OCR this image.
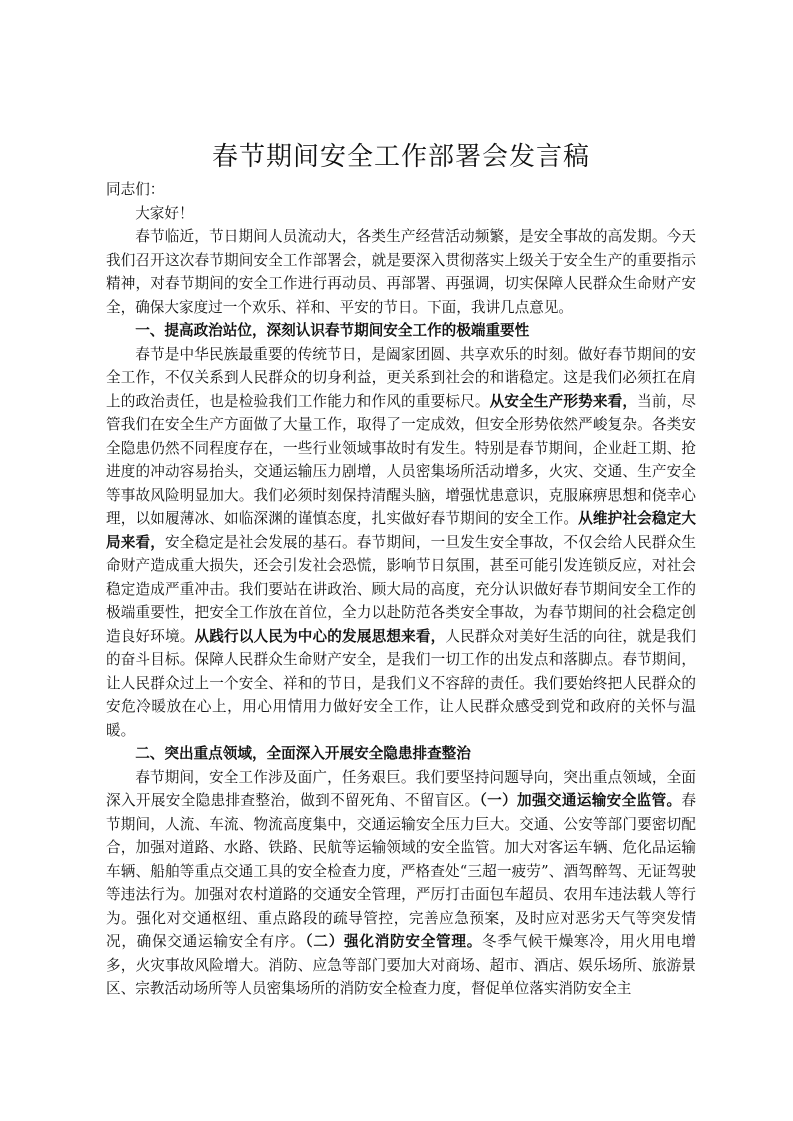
春节期间安全工作部署会发言稿

同志们：

大家好！

春节临近，节日期间人员流动大，各类生产经营活动频繁，是安全事故的高发期。今天我们召开这次春节期间安全工作部署会，就是要深入贯彻落实上级关于安全生产的重要指示精神，对春节期间的安全工作进行再动员、再部署、再强调，切实保障人民群众生命财产安全，确保大家度过一个欢乐、祥和、平安的节日。下面，我讲几点意见。

一、提高政治站位，深刻认识春节期间安全工作的极端重要性

春节是中华民族最重要的传统节日，是阖家团圆、共享欢乐的时刻。做好春节期间的安全工作，不仅关系到人民群众的切身利益，更关系到社会的和谐稳定。这是我们必须扛在肩上的政治责任，也是检验我们工作能力和作风的重要标尺。从安全生产形势来看，当前，尽管我们在安全生产方面做了大量工作，取得了一定成效，但安全形势依然严峻复杂。各类安全隐患仍然不同程度存在，一些行业领域事故时有发生。特别是春节期间，企业赶工期、抢进度的冲动容易抬头，交通运输压力剧增，人员密集场所活动增多，火灾、交通、生产安全等事故风险明显加大。我们必须时刻保持清醒头脑，增强忧患意识，克服麻痹思想和侥幸心理，以如履薄冰、如临深渊的谨慎态度，扎实做好春节期间的安全工作。从维护社会稳定大局来看，安全稳定是社会发展的基石。春节期间，一旦发生安全事故，不仅会给人民群众生命财产造成重大损失，还会引发社会恐慌，影响节日氛围，甚至可能引发连锁反应，对社会稳定造成严重冲击。我们要站在讲政治、顾大局的高度，充分认识做好春节期间安全工作的极端重要性，把安全工作放在首位，全力以赴防范各类安全事故，为春节期间的社会稳定创造良好环境。从践行以人民为中心的发展思想来看，人民群众对美好生活的向往，就是我们的奋斗目标。保障人民群众生命财产安全，是我们一切工作的出发点和落脚点。春节期间，让人民群众过上一个安全、祥和的节日，是我们义不容辞的责任。我们要始终把人民群众的安危冷暖放在心上，用心用情用力做好安全工作，让人民群众感受到党和政府的关怀与温暖。

二、突出重点领域，全面深入开展安全隐患排查整治

春节期间，安全工作涉及面广，任务艰巨。我们要坚持问题导向，突出重点领域，全面深入开展安全隐患排查整治，做到不留死角、不留盲区。（一）加强交通运输安全监管。春节期间，人流、车流、物流高度集中，交通运输安全压力巨大。交通、公安等部门要密切配合，加强对道路、水路、铁路、民航等运输领域的安全监管。加大对客运车辆、危化品运输车辆、船舶等重点交通工具的安全检查力度，严格查处“三超一疲劳”、酒驾醉驾、无证驾驶等违法行为。加强对农村道路的交通安全管理，严厉打击面包车超员、农用车违法载人等行为。强化对交通枢纽、重点路段的疏导管控，完善应急预案，及时应对恶劣天气等突发情况，确保交通运输安全有序。（二）强化消防安全管理。冬季气候干燥寒冷，用火用电增多，火灾事故风险增大。消防、应急等部门要加大对商场、超市、酒店、娱乐场所、旅游景区、宗教活动场所等人员密集场所的消防安全检查力度，督促单位落实消防安全主
